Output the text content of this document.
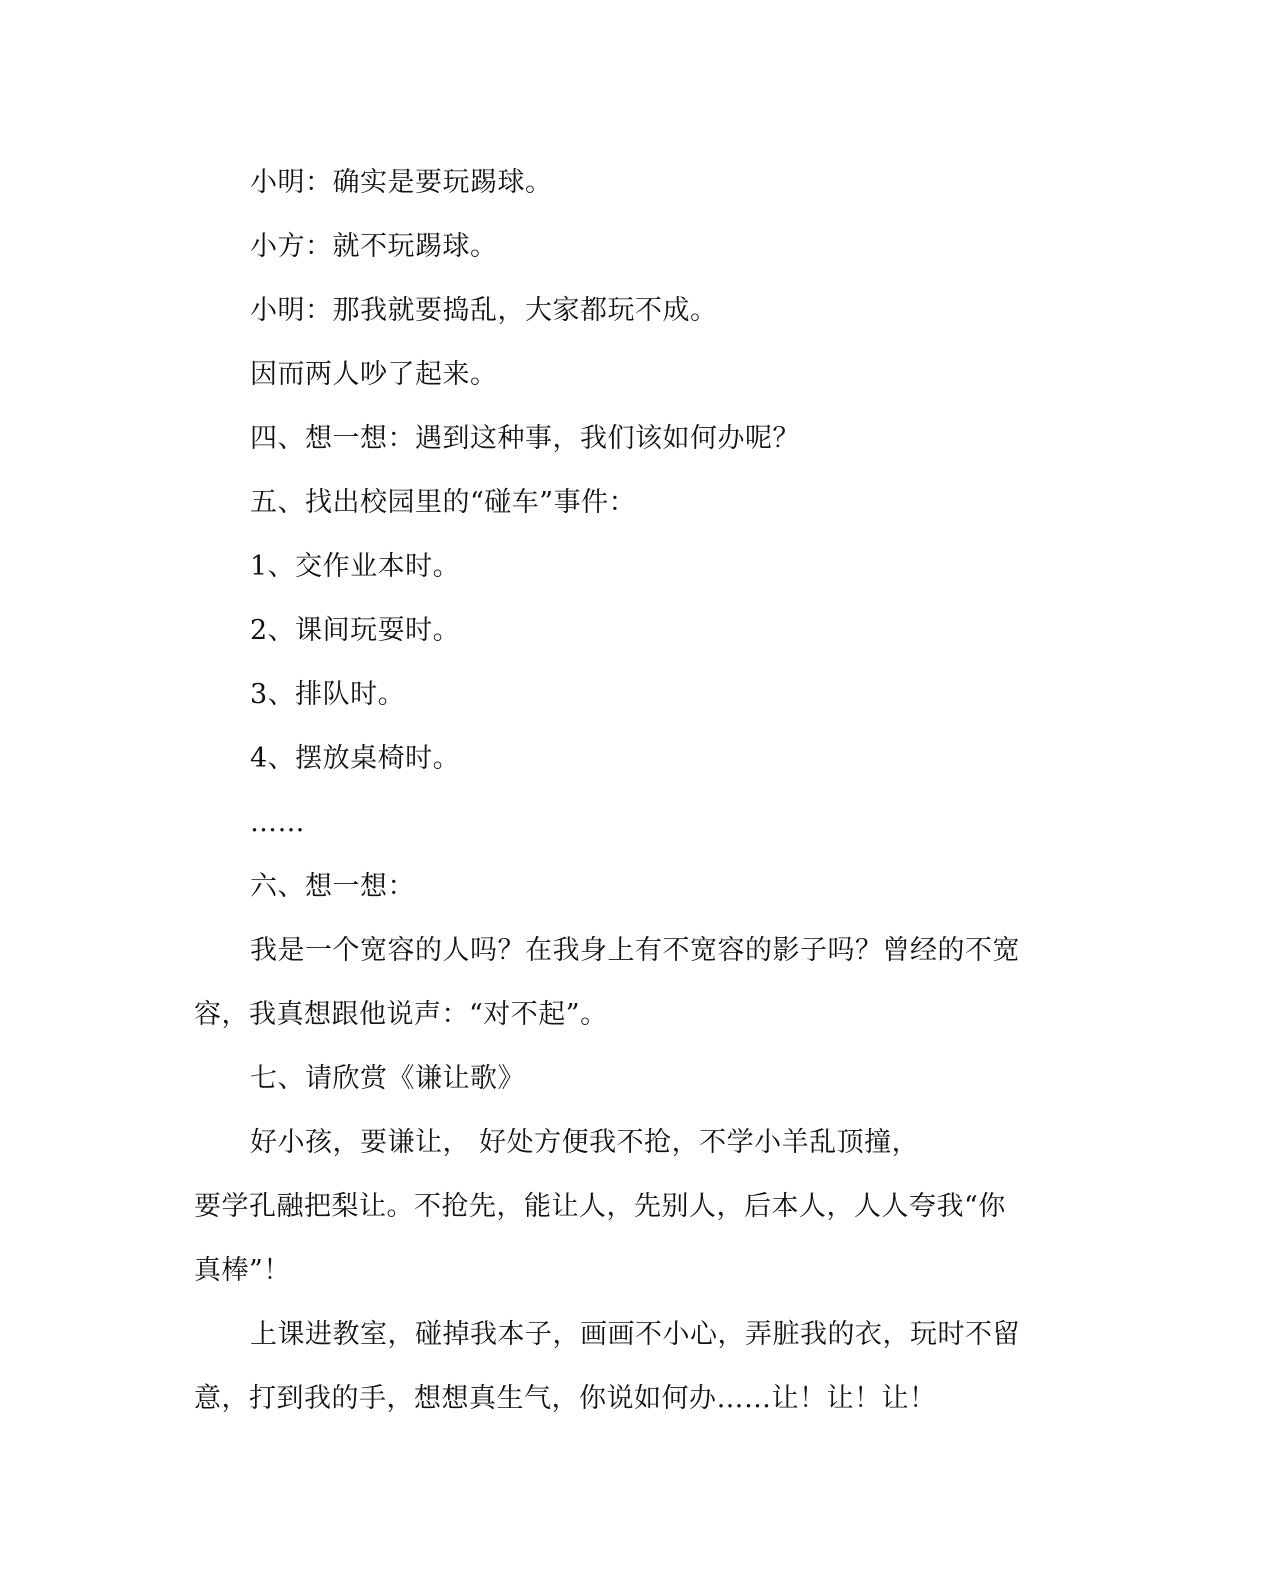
小明：确实是要玩踢球。
小方：就不玩踢球。
小明：那我就要捣乱，大家都玩不成。
因而两人吵了起来。
四、想一想：遇到这种事，我们该如何办呢？
五、找出校园里的“碰车”事件：
1、交作业本时。
2、课间玩耍时。
3、排队时。
4、摆放桌椅时。
……
六、想一想：
我是一个宽容的人吗？在我身上有不宽容的影子吗？曾经的不宽
容，我真想跟他说声：“对不起”。
七、请欣赏《谦让歌》
好小孩，要谦让， 好处方便我不抢，不学小羊乱顶撞，
要学孔融把梨让。不抢先，能让人，先别人，后本人，人人夸我“你
真棒”！
上课进教室，碰掉我本子，画画不小心，弄脏我的衣，玩时不留
意，打到我的手，想想真生气，你说如何办……让！让！让！
